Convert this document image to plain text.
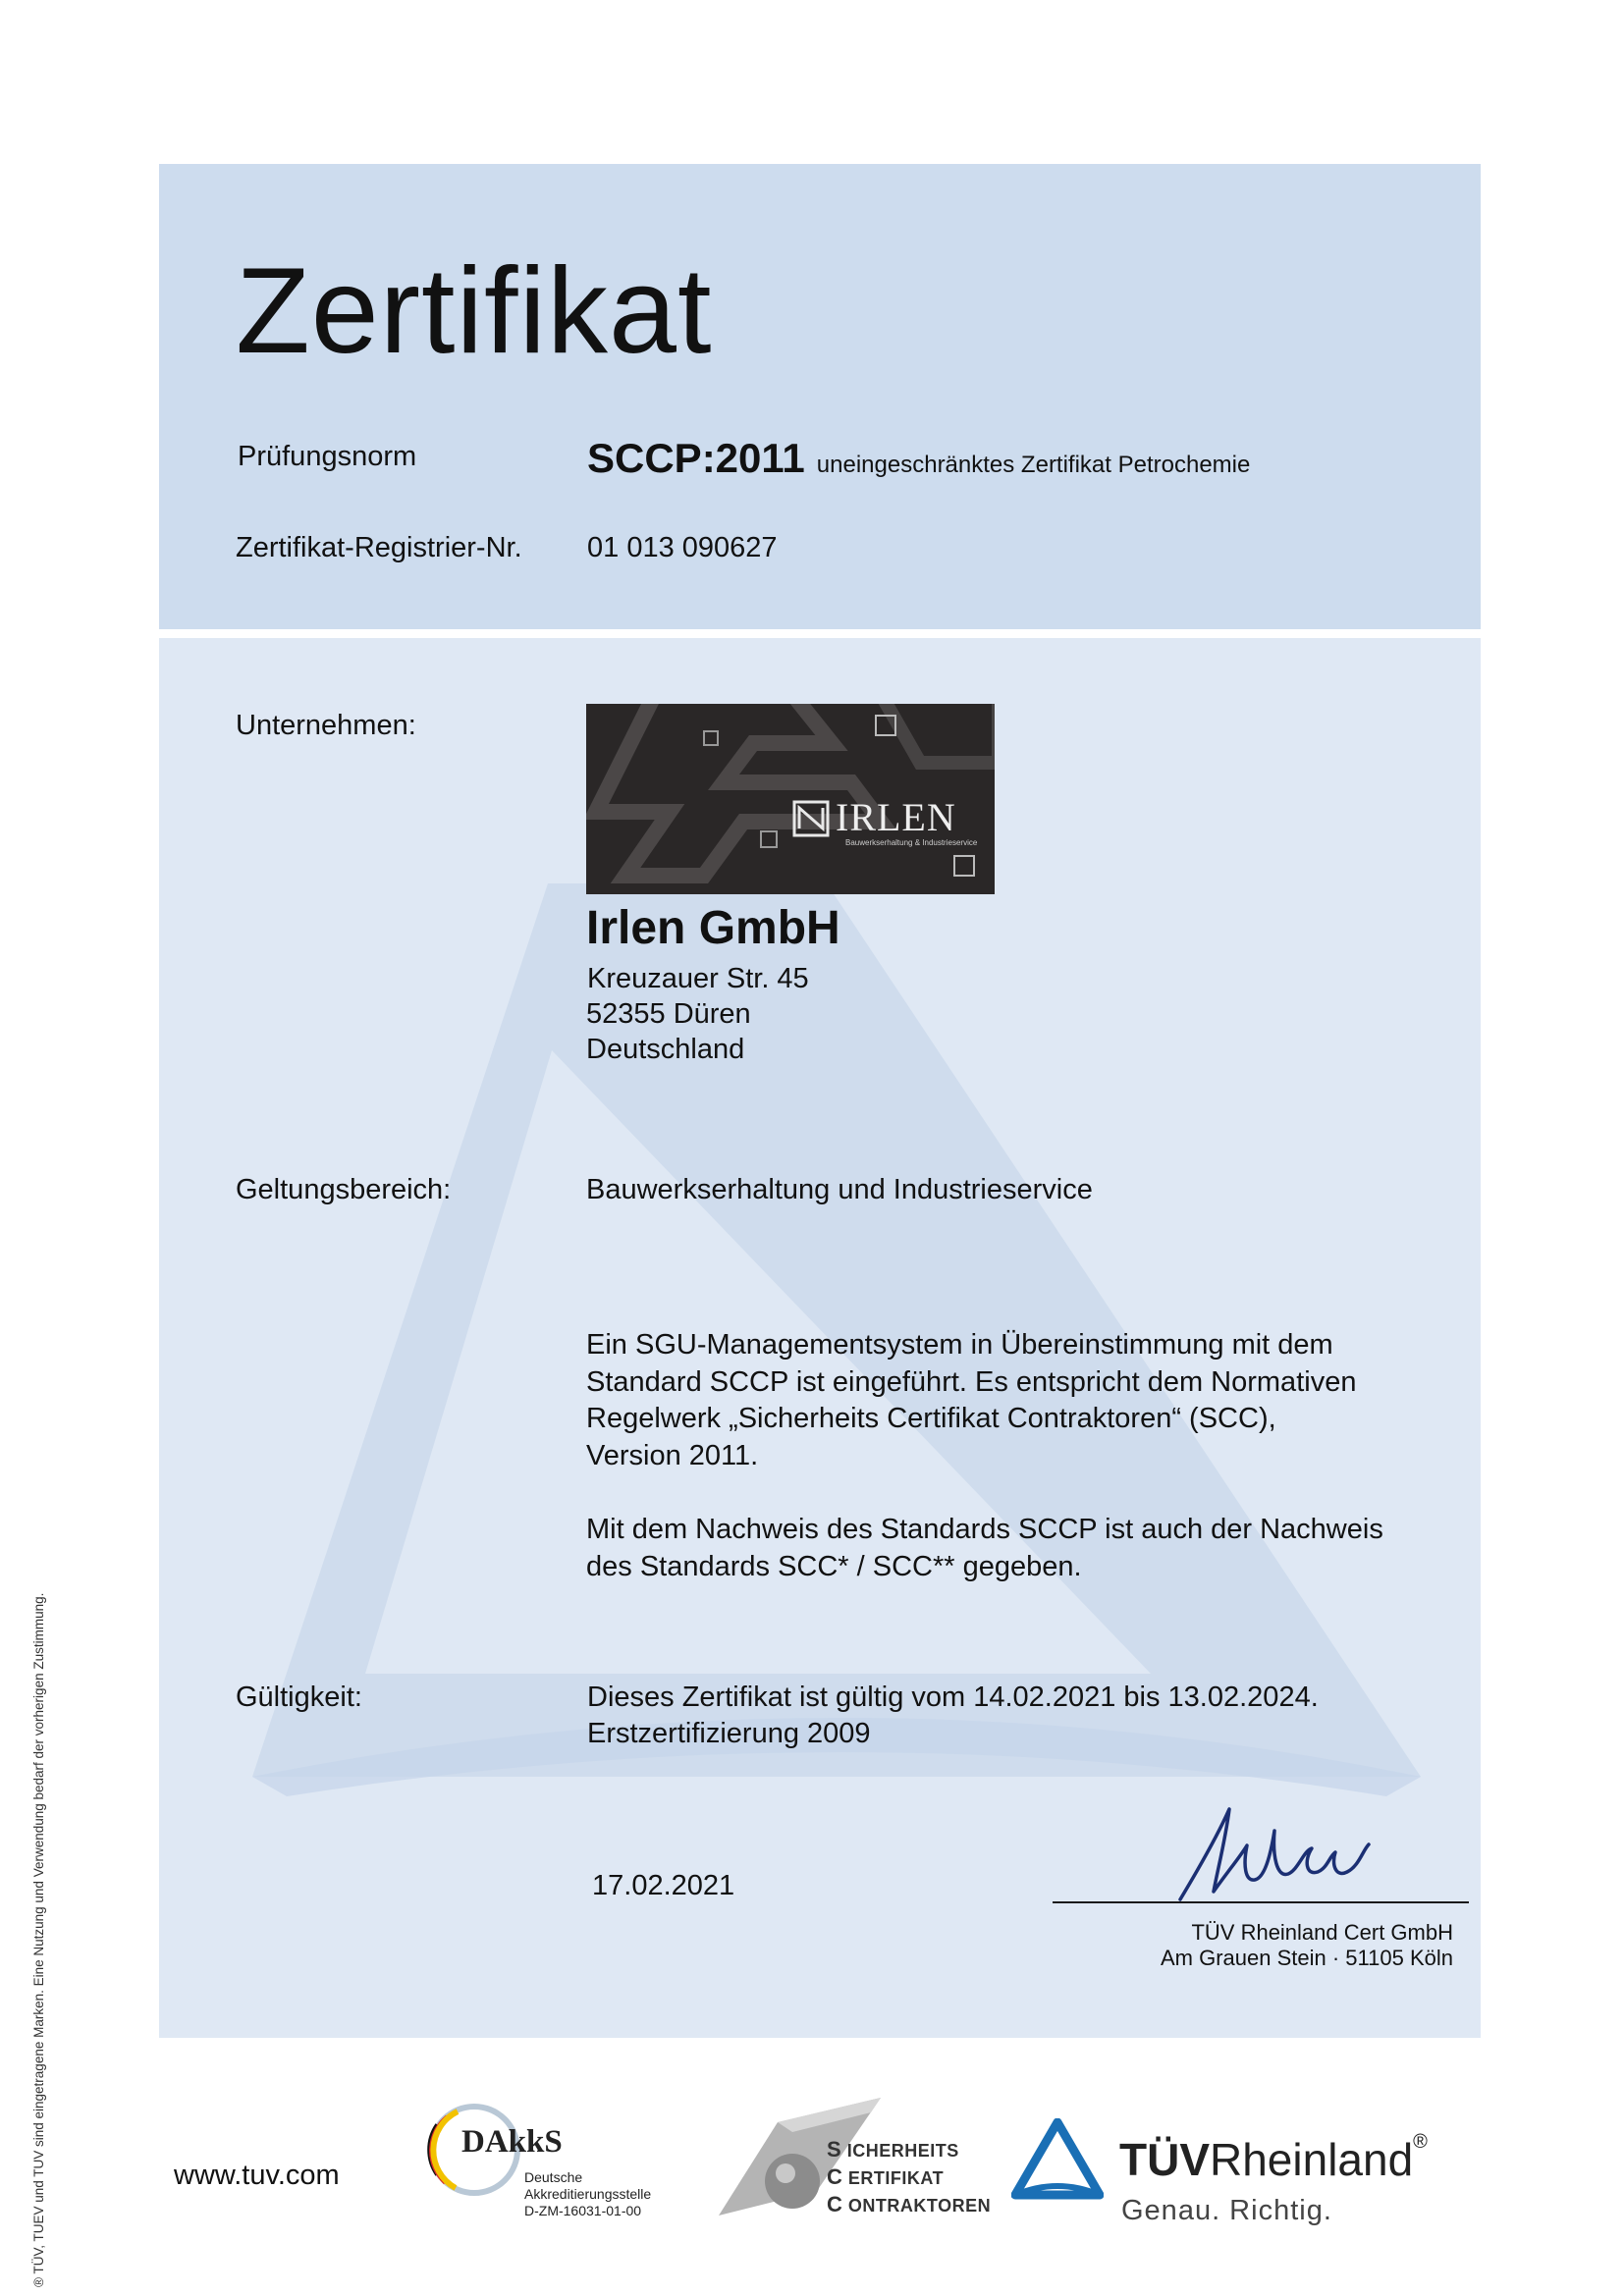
® TÜV, TUEV und TUV sind eingetragene Marken. Eine Nutzung und Verwendung bedarf der vorherigen Zustimmung.
Zertifikat
Prüfungsnorm	SCCP:2011 uneingeschränktes Zertifikat Petrochemie
Zertifikat-Registrier-Nr. 01 013 090627
Unternehmen:
IRLEN
Bauwerkserhaltung & Industrieservice
Irlen GmbH
Kreuzauer Str. 45
52355 Düren
Deutschland
Geltungsbereich:	Bauwerkserhaltung und Industrieservice
Ein SGU-Managementsystem in Übereinstimmung mit dem
Standard SCCP ist eingeführt. Es entspricht dem Normativen
Regelwerk „Sicherheits Certifikat Contraktoren“ (SCC),
Version 2011.
Mit dem Nachweis des Standards SCCP ist auch der Nachweis
des Standards SCC* / SCC** gegeben.
Gültigkeit:	Dieses Zertifikat ist gültig vom 14.02.2021 bis 13.02.2024.
Erstzertifizierung 2009
17.02.2021
TÜV Rheinland Cert GmbH
Am Grauen Stein · 51105 Köln
www.tuv.com
DAkkS
Deutsche
Akkreditierungsstelle
D-ZM-16031-01-00
S ICHERHEITS
C ERTIFIKAT
C ONTRAKTOREN
TÜVRheinland®
Genau. Richtig.
